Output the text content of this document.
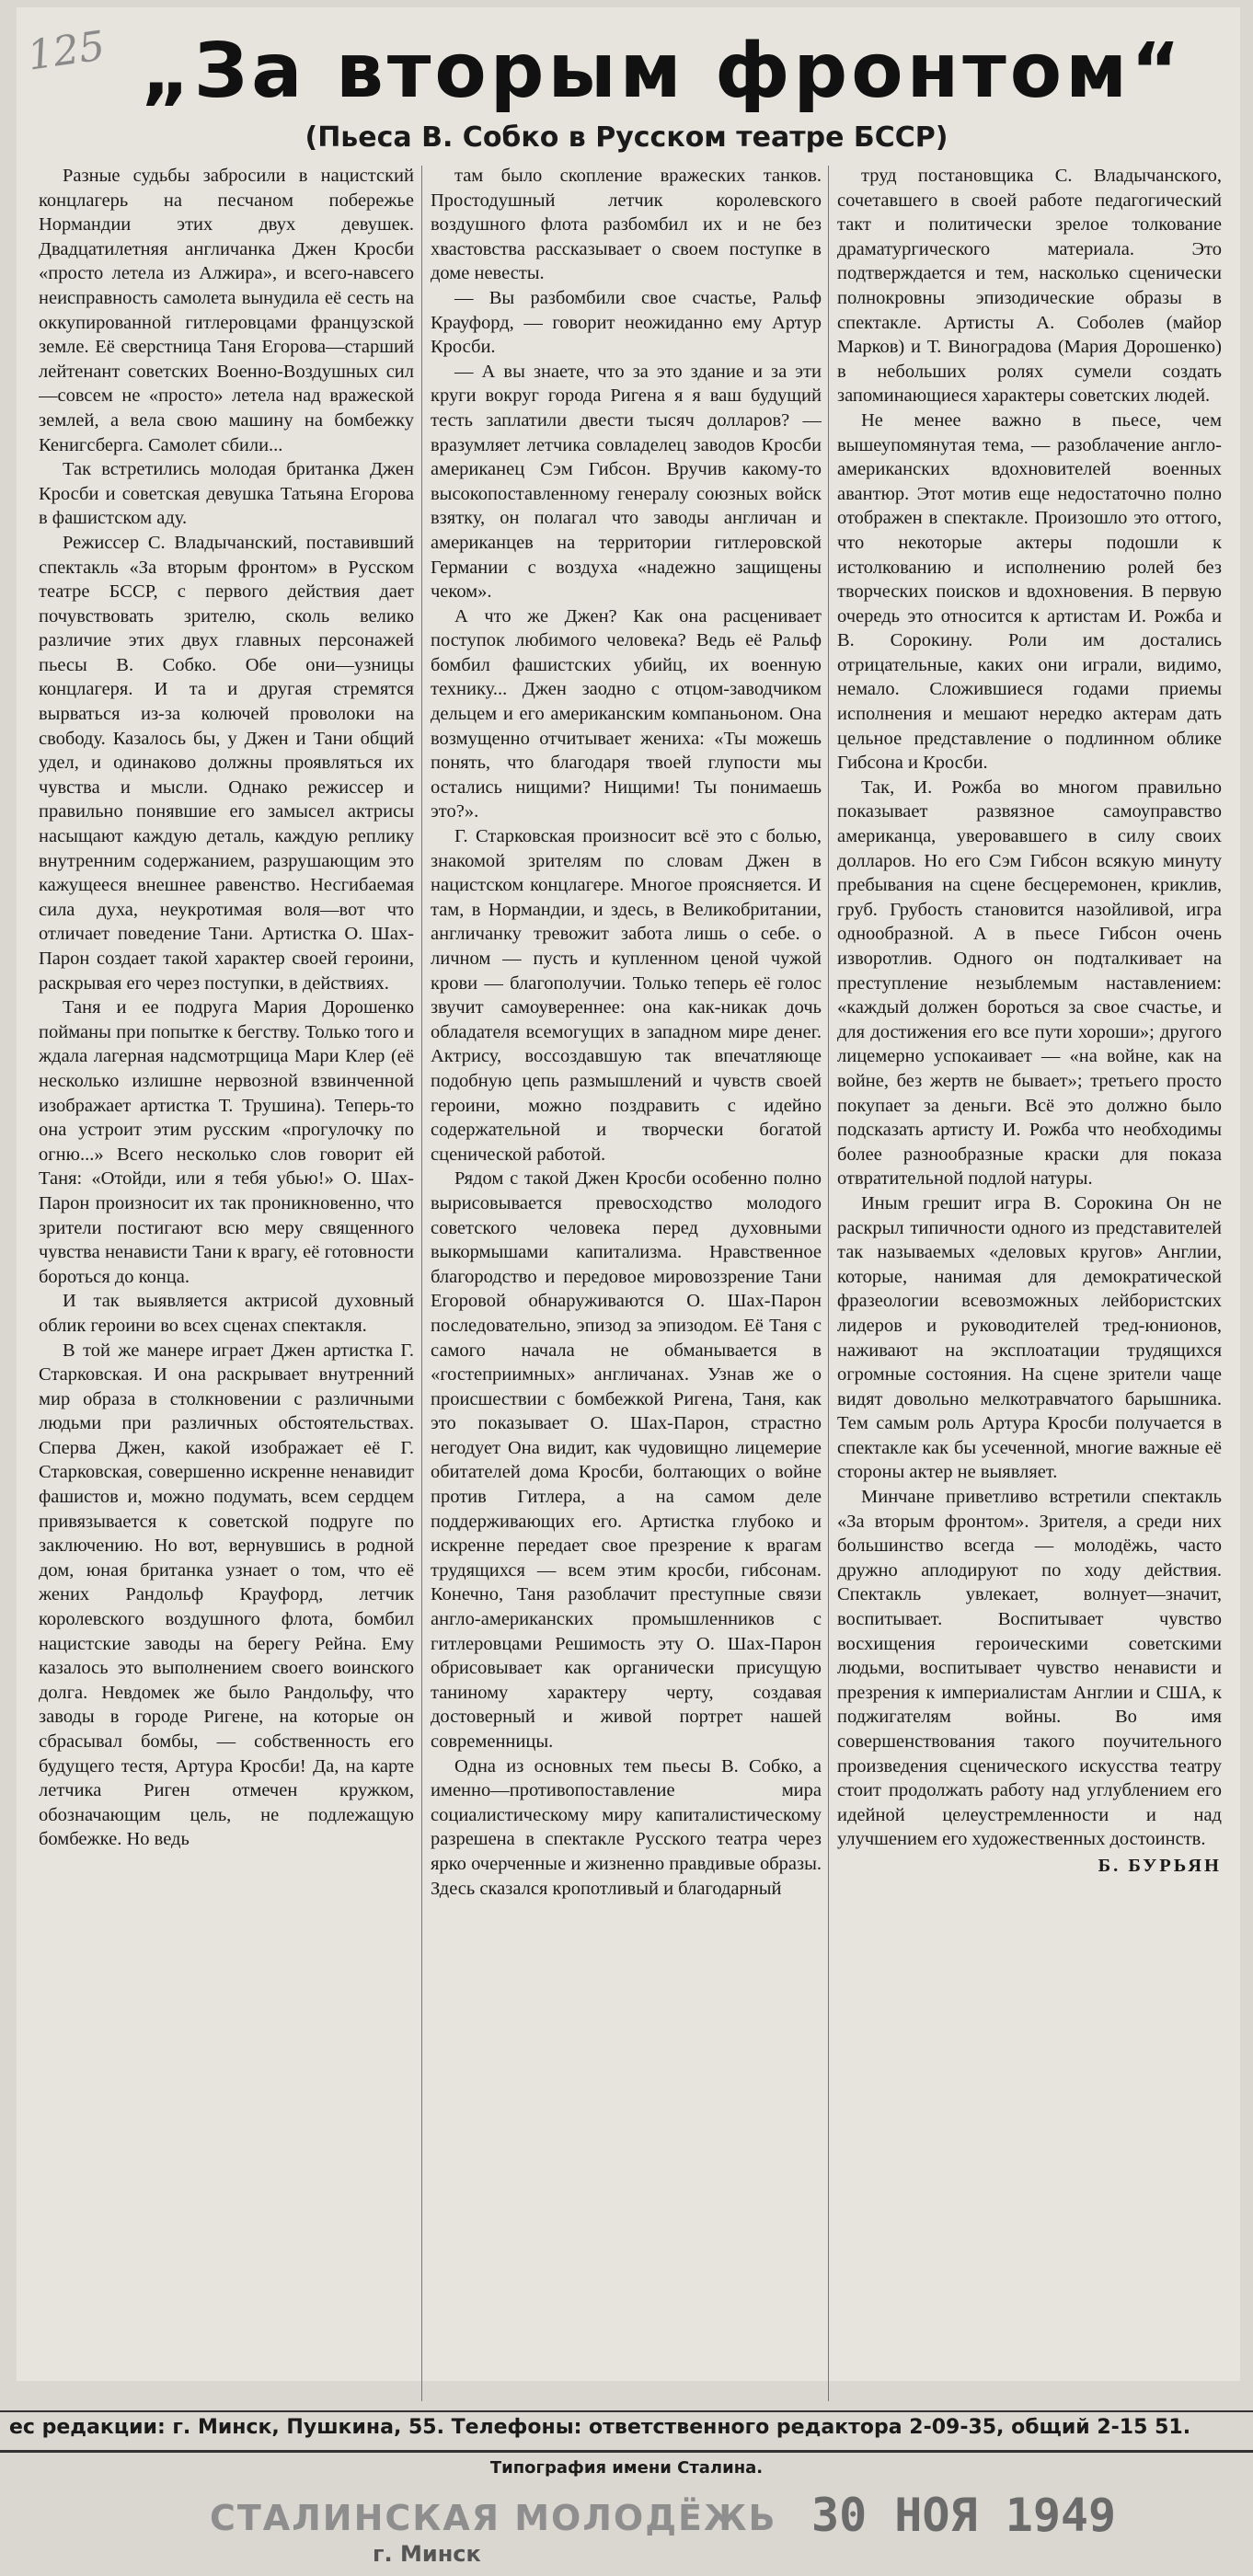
125 „За вторым фронтом“
(Пьеса В. Собко в Русском театре БССР)

Разные судьбы забросили в нацистский концлагерь на песчаном побережье Нормандии этих двух девушек. Двадцатилетняя англичанка Джен Кросби «просто летела из Алжира», и всего-навсего неисправность самолета вынудила её сесть на оккупированной гитлеровцами французской земле. Её сверстница Таня Егорова—старший лейтенант советских Военно-Воздушных сил—совсем не «просто» летела над вражеской землей, а вела свою машину на бомбежку Кенигсберга. Самолет сбили...

Так встретились молодая британка Джен Кросби и советская девушка Татьяна Егорова в фашистском аду.

Режиссер С. Владычанский, поставивший спектакль «За вторым фронтом» в Русском театре БССР, с первого действия дает почувствовать зрителю, сколь велико различие этих двух главных персонажей пьесы В. Собко. Обе они—узницы концлагеря. И та и другая стремятся вырваться из-за колючей проволоки на свободу. Казалось бы, у Джен и Тани общий удел, и одинаково должны проявляться их чувства и мысли. Однако режиссер и правильно понявшие его замысел актрисы насыщают каждую деталь, каждую реплику внутренним содержанием, разрушающим это кажущееся внешнее равенство. Несгибаемая сила духа, неукротимая воля—вот что отличает поведение Тани. Артистка О. Шах-Парон создает такой характер своей героини, раскрывая его через поступки, в действиях.

Таня и ее подруга Мария Дорошенко пойманы при попытке к бегству. Только того и ждала лагерная надсмотрщица Мари Клер (её несколько излишне нервозной взвинченной изображает артистка Т. Трушина). Теперь-то она устроит этим русским «прогулочку по огню...» Всего несколько слов говорит ей Таня: «Отойди, или я тебя убью!» О. Шах-Парон произносит их так проникновенно, что зрители постигают всю меру священного чувства ненависти Тани к врагу, её готовности бороться до конца.

И так выявляется актрисой духовный облик героини во всех сценах спектакля.

В той же манере играет Джен артистка Г. Старковская. И она раскрывает внутренний мир образа в столкновении с различными людьми при различных обстоятельствах. Сперва Джен, какой изображает её Г. Старковская, совершенно искренне ненавидит фашистов и, можно подумать, всем сердцем привязывается к советской подруге по заключению. Но вот, вернувшись в родной дом, юная британка узнает о том, что её жених Рандольф Крауфорд, летчик королевского воздушного флота, бомбил нацистские заводы на берегу Рейна. Ему казалось это выполнением своего воинского долга. Невдомек же было Рандольфу, что заводы в городе Ригене, на которые он сбрасывал бомбы, — собственность его будущего тестя, Артура Кросби! Да, на карте летчика Риген отмечен кружком, обозначающим цель, не подлежащую бомбежке. Но ведь

там было скопление вражеских танков. Простодушный летчик королевского воздушного флота разбомбил их и не без хвастовства рассказывает о своем поступке в доме невесты.

— Вы разбомбили свое счастье, Ральф Крауфорд, — говорит неожиданно ему Артур Кросби.

— А вы знаете, что за это здание и за эти круги вокруг города Ригена я я ваш будущий тесть заплатили двести тысяч долларов? — вразумляет летчика совладелец заводов Кросби американец Сэм Гибсон. Вручив какому-то высокопоставленному генералу союзных войск взятку, он полагал что заводы англичан и американцев на территории гитлеровской Германии с воздуха «надежно защищены чеком».

А что же Джен? Как она расценивает поступок любимого человека? Ведь её Ральф бомбил фашистских убийц, их военную технику... Джен заодно с отцом-заводчиком дельцем и его американским компаньоном. Она возмущенно отчитывает жениха: «Ты можешь понять, что благодаря твоей глупости мы остались нищими? Нищими! Ты понимаешь это?».

Г. Старковская произносит всё это с болью, знакомой зрителям по словам Джен в нацистском концлагере. Многое проясняется. И там, в Нормандии, и здесь, в Великобритании, англичанку тревожит забота лишь о себе. о личном — пусть и купленном ценой чужой крови — благополучии. Только теперь её голос звучит самоувереннее: она как-никак дочь обладателя всемогущих в западном мире денег. Актрису, воссоздавшую так впечатляюще подобную цепь размышлений и чувств своей героини, можно поздравить с идейно содержательной и творчески богатой сценической работой.

Рядом с такой Джен Кросби особенно полно вырисовывается превосходство молодого советского человека перед духовными выкормышами капитализма. Нравственное благородство и передовое мировоззрение Тани Егоровой обнаруживаются О. Шах-Парон последовательно, эпизод за эпизодом. Её Таня с самого начала не обманывается в «гостеприимных» англичанах. Узнав же о происшествии с бомбежкой Ригена, Таня, как это показывает О. Шах-Парон, страстно негодует Она видит, как чудовищно лицемерие обитателей дома Кросби, болтающих о войне против Гитлера, а на самом деле поддерживающих его. Артистка глубоко и искренне передает свое презрение к врагам трудящихся — всем этим кросби, гибсонам. Конечно, Таня разоблачит преступные связи англо-американских промышленников с гитлеровцами Решимость эту О. Шах-Парон обрисовывает как органически присущую таниному характеру черту, создавая достоверный и живой портрет нашей современницы.

Одна из основных тем пьесы В. Собко, а именно—противопоставление мира социалистическому миру капиталистическому разрешена в спектакле Русского театра через ярко очерченные и жизненно правдивые образы. Здесь сказался кропотливый и благодарный

труд постановщика С. Владычанского, сочетавшего в своей работе педагогический такт и политически зрелое толкование драматургического материала. Это подтверждается и тем, насколько сценически полнокровны эпизодические образы в спектакле. Артисты А. Соболев (майор Марков) и Т. Виноградова (Мария Дорошенко) в небольших ролях сумели создать запоминающиеся характеры советских людей.

Не менее важно в пьесе, чем вышеупомянутая тема, — разоблачение англо-американских вдохновителей военных авантюр. Этот мотив еще недостаточно полно отображен в спектакле. Произошло это оттого, что некоторые актеры подошли к истолкованию и исполнению ролей без творческих поисков и вдохновения. В первую очередь это относится к артистам И. Рожба и В. Сорокину. Роли им достались отрицательные, каких они играли, видимо, немало. Сложившиеся годами приемы исполнения и мешают нередко актерам дать цельное представление о подлинном облике Гибсона и Кросби.

Так, И. Рожба во многом правильно показывает развязное самоуправство американца, уверовавшего в силу своих долларов. Но его Сэм Гибсон всякую минуту пребывания на сцене бесцеремонен, криклив, груб. Грубость становится назойливой, игра однообразной. А в пьесе Гибсон очень изворотлив. Одного он подталкивает на преступление незыблемым наставлением: «каждый должен бороться за свое счастье, и для достижения его все пути хороши»; другого лицемерно успокаивает — «на войне, как на войне, без жертв не бывает»; третьего просто покупает за деньги. Всё это должно было подсказать артисту И. Рожба что необходимы более разнообразные краски для показа отвратительной подлой натуры.

Иным грешит игра В. Сорокина Он не раскрыл типичности одного из представителей так называемых «деловых кругов» Англии, которые, нанимая для демократической фразеологии всевозможных лейбористских лидеров и руководителей тред-юнионов, наживают на эксплоатации трудящихся огромные состояния. На сцене зрители чаще видят довольно мелкотравчатого барышника. Тем самым роль Артура Кросби получается в спектакле как бы усеченной, многие важные её стороны актер не выявляет.

Минчане приветливо встретили спектакль «За вторым фронтом». Зрителя, а среди них большинство всегда — молодёжь, часто дружно аплодируют по ходу действия. Спектакль увлекает, волнует—значит, воспитывает. Воспитывает чувство восхищения героическими советскими людьми, воспитывает чувство ненависти и презрения к империалистам Англии и США, к поджигателям войны. Во имя совершенствования такого поучительного произведения сценического искусства театру стоит продолжать работу над углублением его идейной целеустремленности и над улучшением его художественных достоинств.

Б. БУРЬЯН
ес редакции: г. Минск, Пушкина, 55. Телефоны: ответственного редактора 2-09-35, общий 2-15 51.
Типография имени Сталина.
СТАЛИНСКАЯ МОЛОДЁЖЬ
г. Минск
30 НОЯ 1949
